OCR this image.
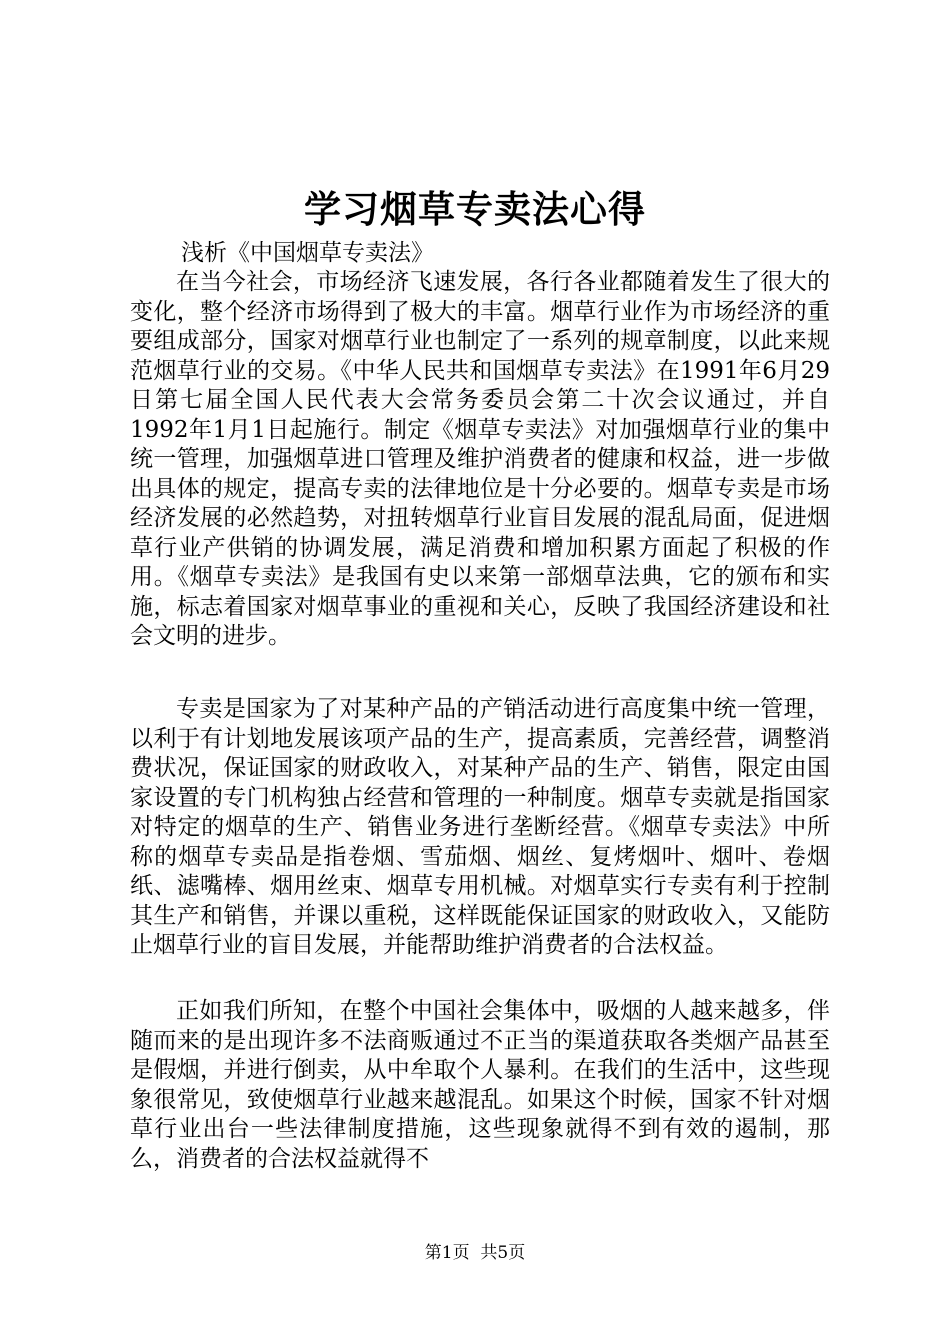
学习烟草专卖法心得

浅析《中国烟草专卖法》

在当今社会，市场经济飞速发展，各行各业都随着发生了很大的变化，整个经济市场得到了极大的丰富。烟草行业作为市场经济的重要组成部分，国家对烟草行业也制定了一系列的规章制度，以此来规范烟草行业的交易。《中华人民共和国烟草专卖法》在1991年6月29日第七届全国人民代表大会常务委员会第二十次会议通过，并自1992年1月1日起施行。制定《烟草专卖法》对加强烟草行业的集中统一管理，加强烟草进口管理及维护消费者的健康和权益，进一步做出具体的规定，提高专卖的法律地位是十分必要的。烟草专卖是市场经济发展的必然趋势，对扭转烟草行业盲目发展的混乱局面，促进烟草行业产供销的协调发展，满足消费和增加积累方面起了积极的作用。《烟草专卖法》是我国有史以来第一部烟草法典，它的颁布和实施，标志着国家对烟草事业的重视和关心，反映了我国经济建设和社会文明的进步。

专卖是国家为了对某种产品的产销活动进行高度集中统一管理，以利于有计划地发展该项产品的生产，提高素质，完善经营，调整消费状况，保证国家的财政收入，对某种产品的生产、销售，限定由国家设置的专门机构独占经营和管理的一种制度。烟草专卖就是指国家对特定的烟草的生产、销售业务进行垄断经营。《烟草专卖法》中所称的烟草专卖品是指卷烟、雪茄烟、烟丝、复烤烟叶、烟叶、卷烟纸、滤嘴棒、烟用丝束、烟草专用机械。对烟草实行专卖有利于控制其生产和销售，并课以重税，这样既能保证国家的财政收入，又能防止烟草行业的盲目发展，并能帮助维护消费者的合法权益。

正如我们所知，在整个中国社会集体中，吸烟的人越来越多，伴随而来的是出现许多不法商贩通过不正当的渠道获取各类烟产品甚至是假烟，并进行倒卖，从中牟取个人暴利。在我们的生活中，这些现象很常见，致使烟草行业越来越混乱。如果这个时候，国家不针对烟草行业出台一些法律制度措施，这些现象就得不到有效的遏制，那么，消费者的合法权益就得不

第1页  共5页
